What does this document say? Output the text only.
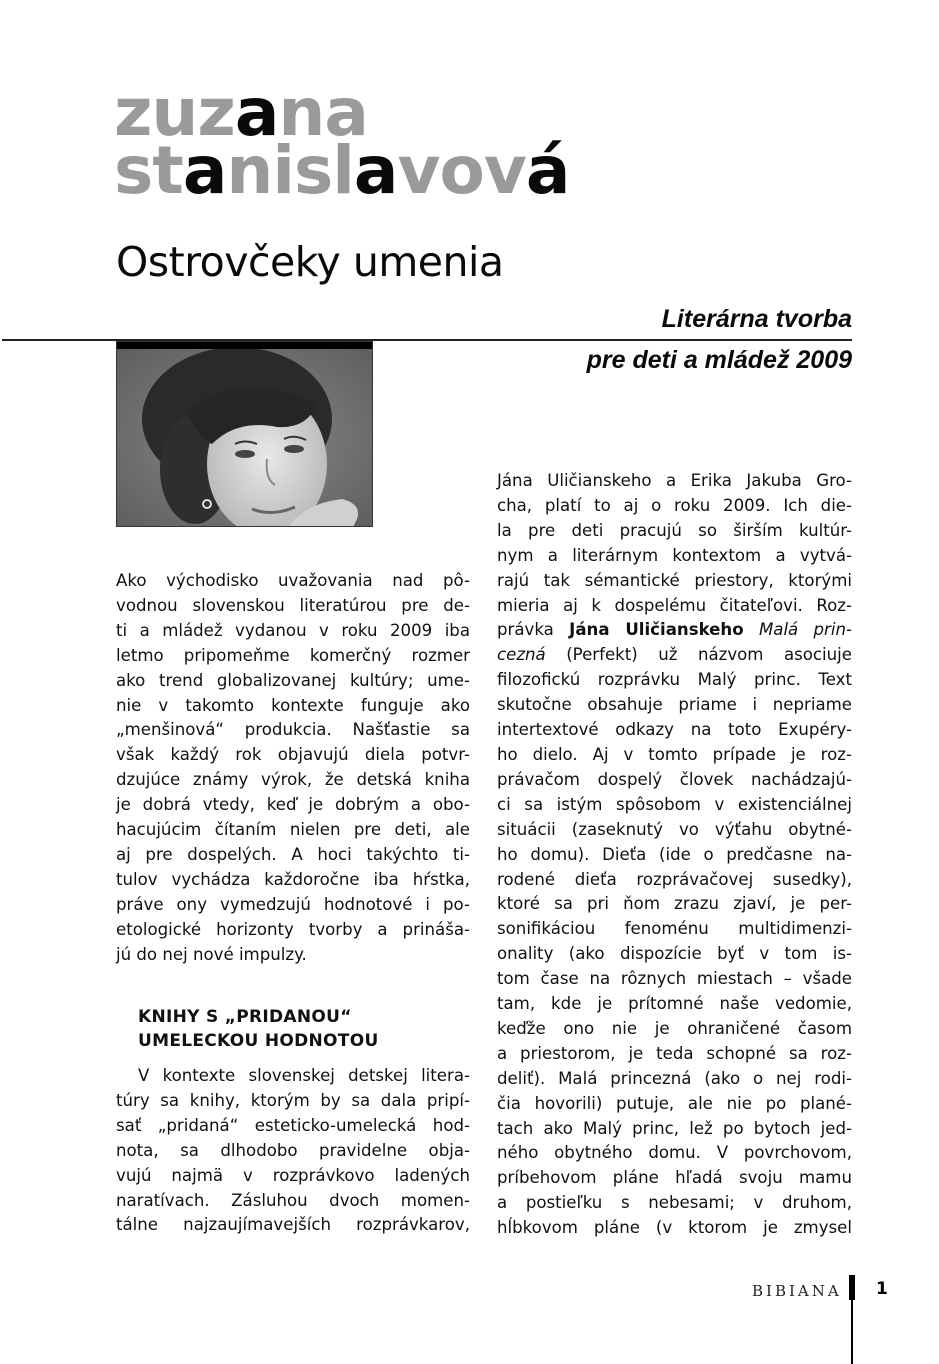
zuzana
stanislavová
Ostrovčeky umenia
Literárna tvorba
pre deti a mládež 2009

Ako východisko uvažovania nad pô-
vodnou slovenskou literatúrou pre de-
ti a mládež vydanou v roku 2009 iba
letmo pripomeňme komerčný rozmer
ako trend globalizovanej kultúry; ume-
nie v takomto kontexte funguje ako
„menšinová“ produkcia. Našťastie sa
však každý rok objavujú diela potvr-
dzujúce známy výrok, že detská kniha
je dobrá vtedy, keď je dobrým a obo-
hacujúcim čítaním nielen pre deti, ale
aj pre dospelých. A hoci takýchto ti-
tulov vychádza každoročne iba hŕstka,
práve ony vymedzujú hodnotové i po-
etologické horizonty tvorby a prináša-
jú do nej nové impulzy.

KNIHY S „PRIDANOU“
UMELECKOU HODNOTOU

V kontexte slovenskej detskej litera-
túry sa knihy, ktorým by sa dala pripí-
sať „pridaná“ esteticko-umelecká hod-
nota, sa dlhodobo pravidelne obja-
vujú najmä v rozprávkovo ladených
naratívach. Zásluhou dvoch momen-
tálne najzaujímavejších rozprávkarov,

Jána Uličianskeho a Erika Jakuba Gro-
cha, platí to aj o roku 2009. Ich die-
la pre deti pracujú so širším kultúr-
nym a literárnym kontextom a vytvá-
rajú tak sémantické priestory, ktorými
mieria aj k dospelému čitateľovi. Roz-
právka Jána Uličianskeho Malá prin-
cezná (Perfekt) už názvom asociuje
filozofickú rozprávku Malý princ. Text
skutočne obsahuje priame i nepriame
intertextové odkazy na toto Exupéry-
ho dielo. Aj v tomto prípade je roz-
právačom dospelý človek nachádzajú-
ci sa istým spôsobom v existenciálnej
situácii (zaseknutý vo výťahu obytné-
ho domu). Dieťa (ide o predčasne na-
rodené dieťa rozprávačovej susedky),
ktoré sa pri ňom zrazu zjaví, je per-
sonifikáciou fenoménu multidimenzi-
onality (ako dispozície byť v tom is-
tom čase na rôznych miestach – všade
tam, kde je prítomné naše vedomie,
keďže ono nie je ohraničené časom
a priestorom, je teda schopné sa roz-
deliť). Malá princezná (ako o nej rodi-
čia hovorili) putuje, ale nie po plané-
tach ako Malý princ, lež po bytoch jed-
ného obytného domu. V povrchovom,
príbehovom pláne hľadá svoju mamu
a postieľku s nebesami; v druhom,
hĺbkovom pláne (v ktorom je zmysel

BIBIANA 1
